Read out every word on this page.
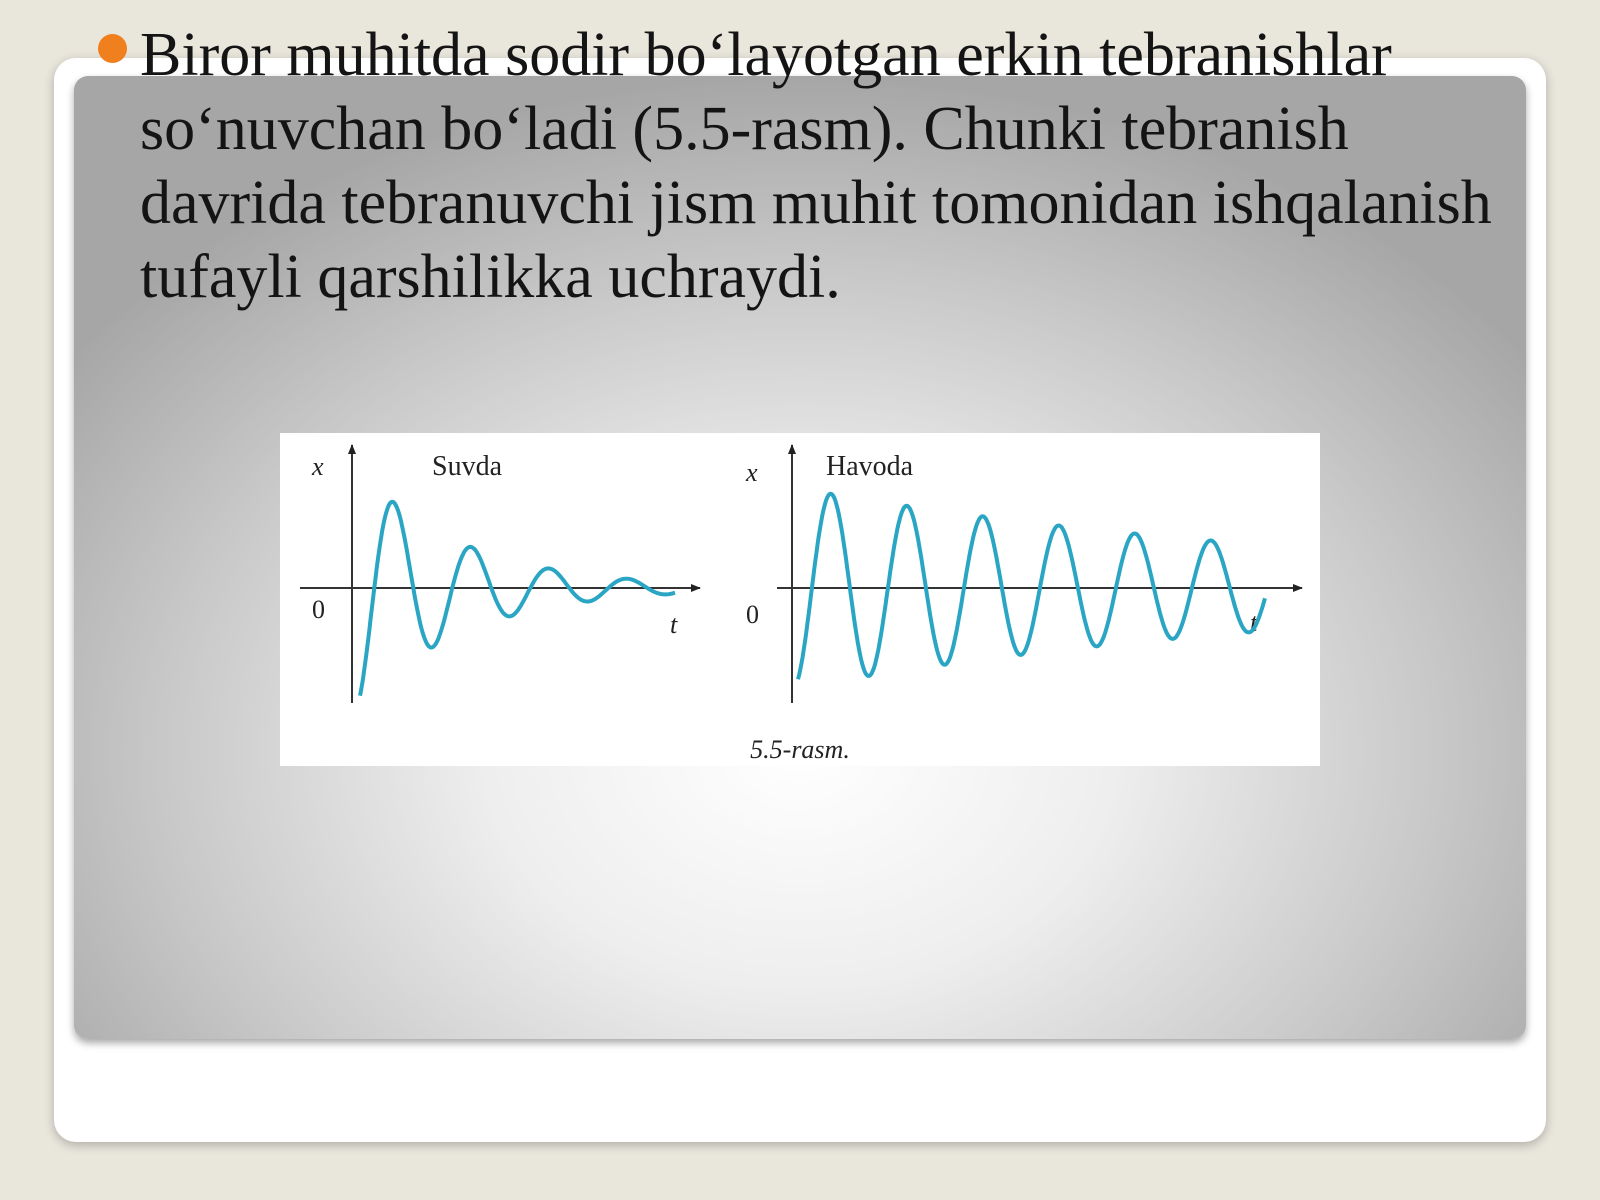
Biror muhitda sodir bo‘layotgan erkin tebranishlar so‘nuvchan bo‘ladi (5.5-rasm). Chunki tebranish davrida tebranuvchi jism muhit tomonidan ishqalanish tufayli qarshilikka uchraydi.

x	Suvda
0
t
x Havoda
0	t
5.5-rasm.
